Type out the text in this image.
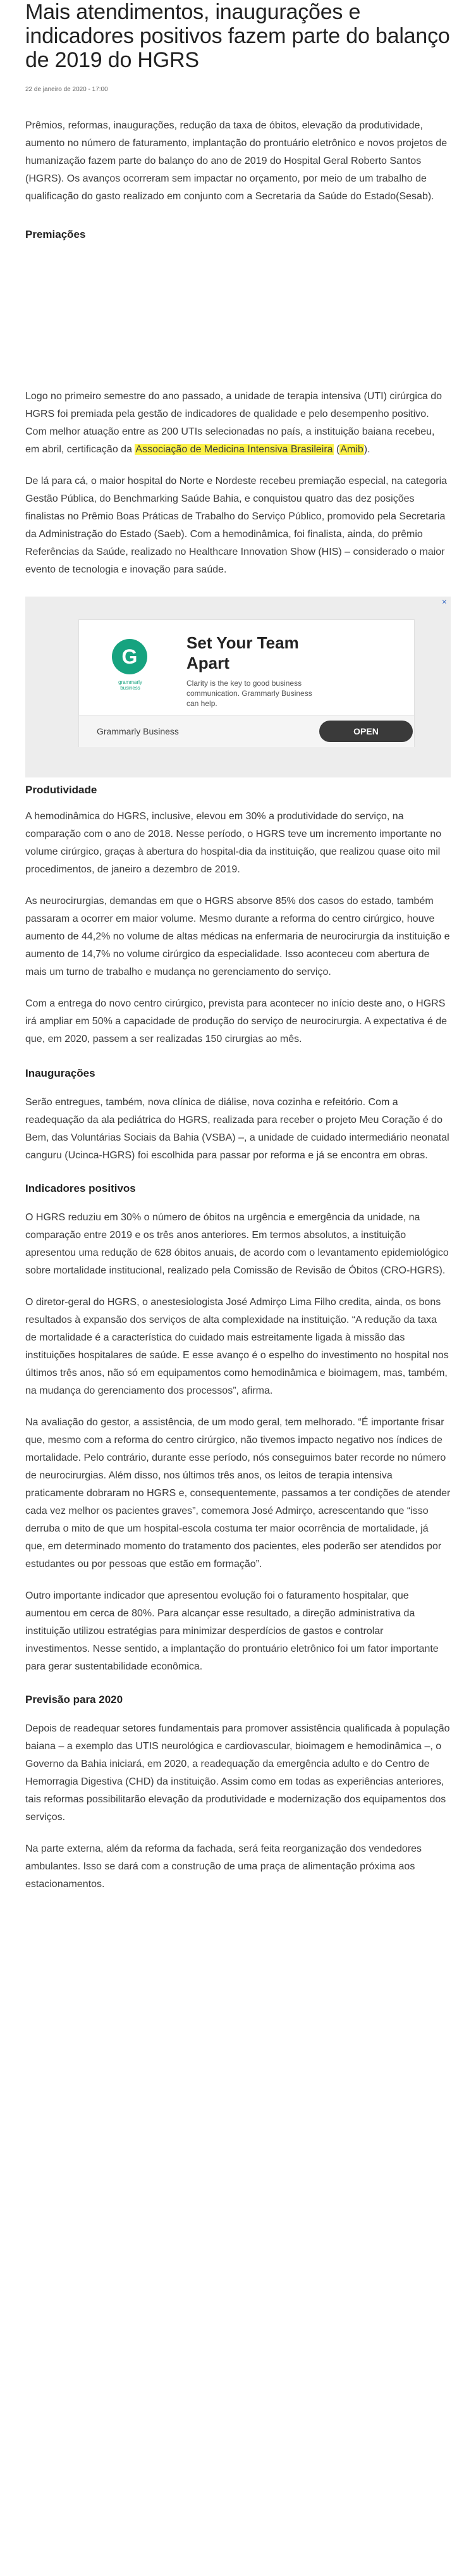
Mais atendimentos, inaugurações e indicadores positivos fazem parte do balanço de 2019 do HGRS
22 de janeiro de 2020 - 17:00

Prêmios, reformas, inaugurações, redução da taxa de óbitos, elevação da produtividade, aumento no número de faturamento, implantação do prontuário eletrônico e novos projetos de humanização fazem parte do balanço do ano de 2019 do Hospital Geral Roberto Santos (HGRS). Os avanços ocorreram sem impactar no orçamento, por meio de um trabalho de qualificação do gasto realizado em conjunto com a Secretaria da Saúde do Estado(Sesab).

Premiações

Logo no primeiro semestre do ano passado, a unidade de terapia intensiva (UTI) cirúrgica do HGRS foi premiada pela gestão de indicadores de qualidade e pelo desempenho positivo. Com melhor atuação entre as 200 UTIs selecionadas no país, a instituição baiana recebeu, em abril, certificação da Associação de Medicina Intensiva Brasileira (Amib).

De lá para cá, o maior hospital do Norte e Nordeste recebeu premiação especial, na categoria Gestão Pública, do Benchmarking Saúde Bahia, e conquistou quatro das dez posições finalistas no Prêmio Boas Práticas de Trabalho do Serviço Público, promovido pela Secretaria da Administração do Estado (Saeb). Com a hemodinâmica, foi finalista, ainda, do prêmio Referências da Saúde, realizado no Healthcare Innovation Show (HIS) – considerado o maior evento de tecnologia e inovação para saúde.

✕
G
grammarly business
Set Your Team Apart
Clarity is the key to good business communication. Grammarly Business can help.
Grammarly Business	OPEN
Produtividade

A hemodinâmica do HGRS, inclusive, elevou em 30% a produtividade do serviço, na comparação com o ano de 2018. Nesse período, o HGRS teve um incremento importante no volume cirúrgico, graças à abertura do hospital-dia da instituição, que realizou quase oito mil procedimentos, de janeiro a dezembro de 2019.

As neurocirurgias, demandas em que o HGRS absorve 85% dos casos do estado, também passaram a ocorrer em maior volume. Mesmo durante a reforma do centro cirúrgico, houve aumento de 44,2% no volume de altas médicas na enfermaria de neurocirurgia da instituição e aumento de 14,7% no volume cirúrgico da especialidade. Isso aconteceu com abertura de mais um turno de trabalho e mudança no gerenciamento do serviço.

Com a entrega do novo centro cirúrgico, prevista para acontecer no início deste ano, o HGRS irá ampliar em 50% a capacidade de produção do serviço de neurocirurgia. A expectativa é de que, em 2020, passem a ser realizadas 150 cirurgias ao mês.

Inaugurações

Serão entregues, também, nova clínica de diálise, nova cozinha e refeitório. Com a readequação da ala pediátrica do HGRS, realizada para receber o projeto Meu Coração é do Bem, das Voluntárias Sociais da Bahia (VSBA) –, a unidade de cuidado intermediário neonatal canguru (Ucinca-HGRS) foi escolhida para passar por reforma e já se encontra em obras.

Indicadores positivos

O HGRS reduziu em 30% o número de óbitos na urgência e emergência da unidade, na comparação entre 2019 e os três anos anteriores. Em termos absolutos, a instituição apresentou uma redução de 628 óbitos anuais, de acordo com o levantamento epidemiológico sobre mortalidade institucional, realizado pela Comissão de Revisão de Óbitos (CRO-HGRS).

O diretor-geral do HGRS, o anestesiologista José Admirço Lima Filho credita, ainda, os bons resultados à expansão dos serviços de alta complexidade na instituição. “A redução da taxa de mortalidade é a característica do cuidado mais estreitamente ligada à missão das instituições hospitalares de saúde. E esse avanço é o espelho do investimento no hospital nos últimos três anos, não só em equipamentos como hemodinâmica e bioimagem, mas, também, na mudança do gerenciamento dos processos”, afirma.

Na avaliação do gestor, a assistência, de um modo geral, tem melhorado. “É importante frisar que, mesmo com a reforma do centro cirúrgico, não tivemos impacto negativo nos índices de mortalidade. Pelo contrário, durante esse período, nós conseguimos bater recorde no número de neurocirurgias. Além disso, nos últimos três anos, os leitos de terapia intensiva praticamente dobraram no HGRS e, consequentemente, passamos a ter condições de atender cada vez melhor os pacientes graves”, comemora José Admirço, acrescentando que “isso derruba o mito de que um hospital-escola costuma ter maior ocorrência de mortalidade, já que, em determinado momento do tratamento dos pacientes, eles poderão ser atendidos por estudantes ou por pessoas que estão em formação”.

Outro importante indicador que apresentou evolução foi o faturamento hospitalar, que aumentou em cerca de 80%. Para alcançar esse resultado, a direção administrativa da instituição utilizou estratégias para minimizar desperdícios de gastos e controlar investimentos. Nesse sentido, a implantação do prontuário eletrônico foi um fator importante para gerar sustentabilidade econômica.

Previsão para 2020

Depois de readequar setores fundamentais para promover assistência qualificada à população baiana – a exemplo das UTIS neurológica e cardiovascular, bioimagem e hemodinâmica –, o Governo da Bahia iniciará, em 2020, a readequação da emergência adulto e do Centro de Hemorragia Digestiva (CHD) da instituição. Assim como em todas as experiências anteriores, tais reformas possibilitarão elevação da produtividade e modernização dos equipamentos dos serviços.

Na parte externa, além da reforma da fachada, será feita reorganização dos vendedores ambulantes. Isso se dará com a construção de uma praça de alimentação próxima aos estacionamentos.
